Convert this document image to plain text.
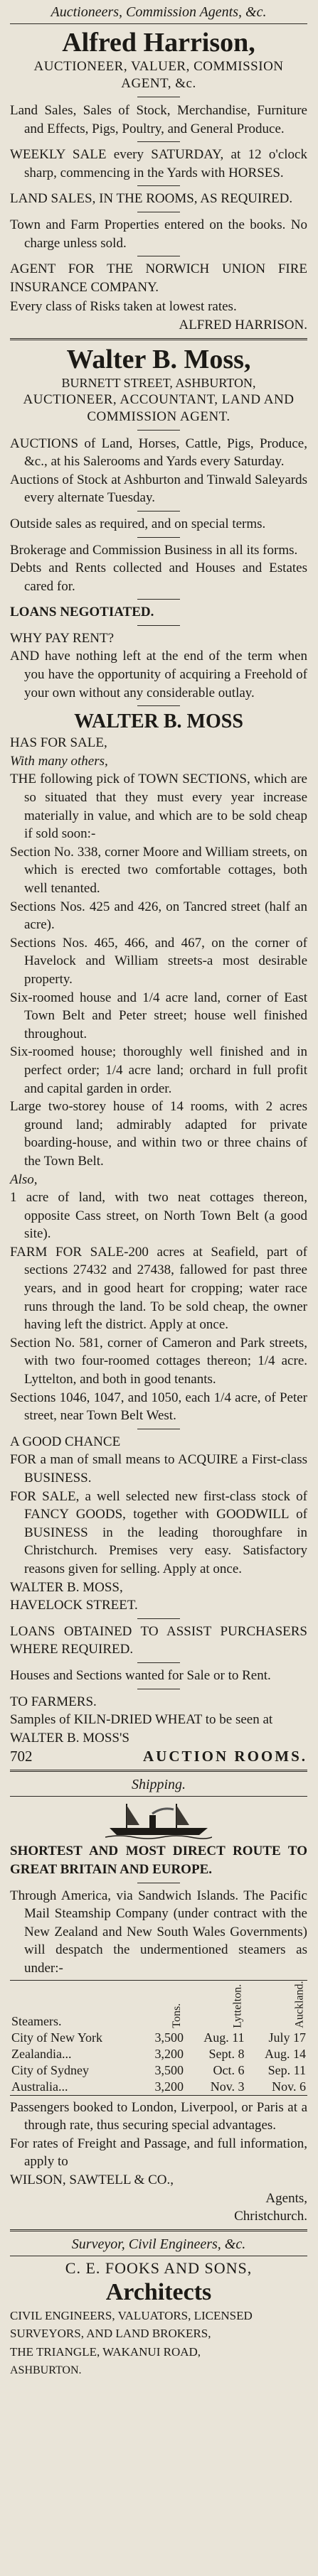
Auctioneers, Commission Agents, &c.
Alfred Harrison,
AUCTIONEER, VALUER, COMMISSION AGENT, &c.

Land Sales, Sales of Stock, Merchandise, Furniture and Effects, Pigs, Poultry, and General Produce.

WEEKLY SALE every SATURDAY, at 12 o'clock sharp, commencing in the Yards with HORSES.

LAND SALES, IN THE ROOMS, AS REQUIRED.

Town and Farm Properties entered on the books. No charge unless sold.

AGENT FOR THE NORWICH UNION FIRE INSURANCE COMPANY.

Every class of Risks taken at lowest rates.

ALFRED HARRISON.

Walter B. Moss,
BURNETT STREET, ASHBURTON,
AUCTIONEER, ACCOUNTANT, LAND AND COMMISSION AGENT.

AUCTIONS of Land, Horses, Cattle, Pigs, Produce, &c., at his Salerooms and Yards every Saturday.

Auctions of Stock at Ashburton and Tinwald Saleyards every alternate Tuesday.

Outside sales as required, and on special terms.

Brokerage and Commission Business in all its forms.

Debts and Rents collected and Houses and Estates cared for.

LOANS NEGOTIATED.

WHY PAY RENT?

AND have nothing left at the end of the term when you have the opportunity of acquiring a Freehold of your own without any considerable outlay.

WALTER B. MOSS

HAS FOR SALE,

With many others,

THE following pick of TOWN SECTIONS, which are so situated that they must every year increase materially in value, and which are to be sold cheap if sold soon:-

Section No. 338, corner Moore and William streets, on which is erected two comfortable cottages, both well tenanted.

Sections Nos. 425 and 426, on Tancred street (half an acre).

Sections Nos. 465, 466, and 467, on the corner of Havelock and William streets-a most desirable property.

Six-roomed house and 1/4 acre land, corner of East Town Belt and Peter street; house well finished throughout.

Six-roomed house; thoroughly well finished and in perfect order; 1/4 acre land; orchard in full profit and capital garden in order.

Large two-storey house of 14 rooms, with 2 acres ground land; admirably adapted for private boarding-house, and within two or three chains of the Town Belt.

Also,

1 acre of land, with two neat cottages thereon, opposite Cass street, on North Town Belt (a good site).

FARM FOR SALE-200 acres at Seafield, part of sections 27432 and 27438, fallowed for past three years, and in good heart for cropping; water race runs through the land. To be sold cheap, the owner having left the district. Apply at once.

Section No. 581, corner of Cameron and Park streets, with two four-roomed cottages thereon; 1/4 acre. Lyttelton, and both in good tenants.

Sections 1046, 1047, and 1050, each 1/4 acre, of Peter street, near Town Belt West.

A GOOD CHANCE

FOR a man of small means to ACQUIRE a First-class BUSINESS.

FOR SALE, a well selected new first-class stock of FANCY GOODS, together with GOODWILL of BUSINESS in the leading thoroughfare in Christchurch. Premises very easy. Satisfactory reasons given for selling. Apply at once.

WALTER B. MOSS,

HAVELOCK STREET.

LOANS OBTAINED TO ASSIST PURCHASERS WHERE REQUIRED.

Houses and Sections wanted for Sale or to Rent.

TO FARMERS.

Samples of KILN-DRIED WHEAT to be seen at

WALTER B. MOSS'S

702	AUCTION ROOMS.
Shipping.

SHORTEST AND MOST DIRECT ROUTE TO GREAT BRITAIN AND EUROPE.

Through America, via Sandwich Islands. The Pacific Mail Steamship Company (under contract with the New Zealand and New South Wales Governments) will despatch the undermentioned steamers as under:-

Steamers.	Tons.	Lyttelton.	Auckland.
City of New York	3,500	Aug. 11	July 17
Zealandia...	3,200	Sept. 8	Aug. 14
City of Sydney	3,500	Oct. 6	Sep. 11
Australia...	3,200	Nov. 3	Nov. 6

Passengers booked to London, Liverpool, or Paris at a through rate, thus securing special advantages.

For rates of Freight and Passage, and full information, apply to

WILSON, SAWTELL & CO.,

Agents,

Christchurch.

Surveyor, Civil Engineers, &c.
C. E. FOOKS AND SONS,
Architects

CIVIL ENGINEERS, VALUATORS, LICENSED

SURVEYORS, AND LAND BROKERS,

THE TRIANGLE, WAKANUI ROAD,

ASHBURTON.
